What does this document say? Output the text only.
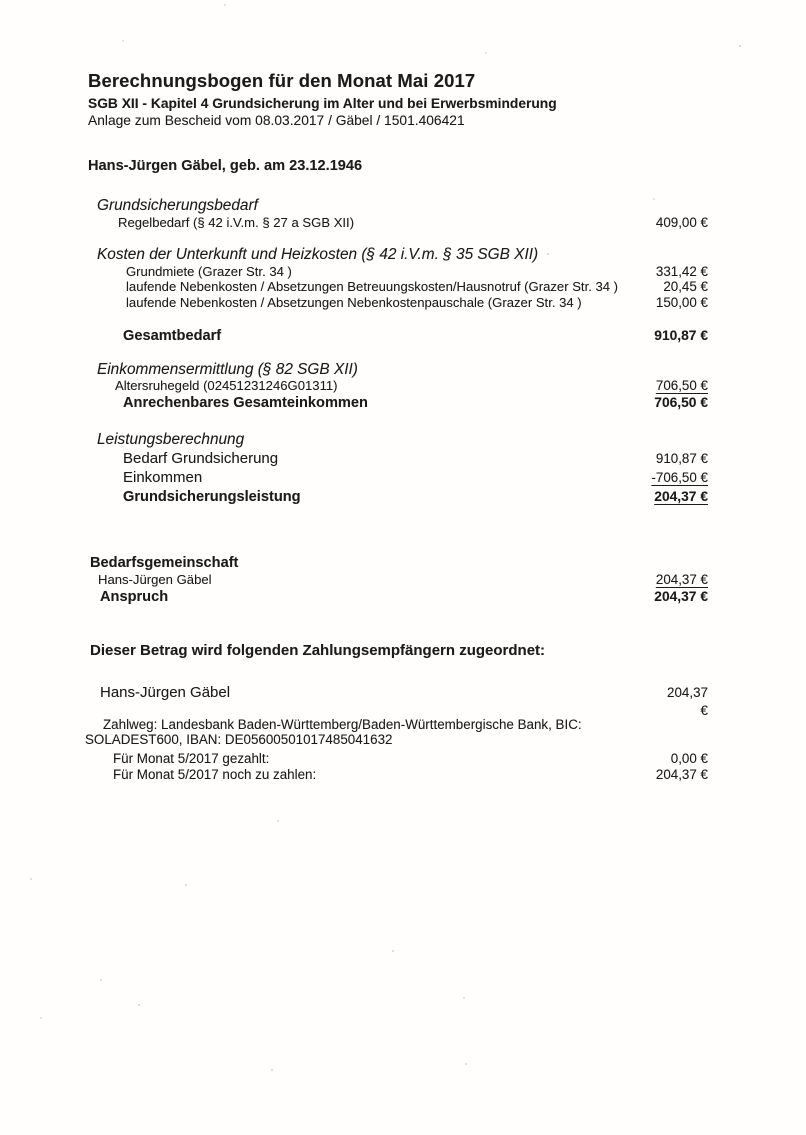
Berechnungsbogen für den Monat Mai 2017
SGB XII - Kapitel 4 Grundsicherung im Alter und bei Erwerbsminderung
Anlage zum Bescheid vom 08.03.2017 / Gäbel / 1501.406421
Hans-Jürgen Gäbel, geb. am 23.12.1946
Grundsicherungsbedarf
Regelbedarf (§ 42 i.V.m. § 27 a SGB XII)	409,00 €
Kosten der Unterkunft und Heizkosten (§ 42 i.V.m. § 35 SGB XII)
Grundmiete (Grazer Str. 34 )	331,42 €
laufende Nebenkosten / Absetzungen Betreuungskosten/Hausnotruf (Grazer Str. 34 )	20,45 €
laufende Nebenkosten / Absetzungen Nebenkostenpauschale (Grazer Str. 34 )	150,00 €
Gesamtbedarf	910,87 €
Einkommensermittlung (§ 82 SGB XII)
Altersruhegeld (02451231246G01311)	706,50 €
Anrechenbares Gesamteinkommen	706,50 €
Leistungsberechnung
Bedarf Grundsicherung	910,87 €
Einkommen	-706,50 €
Grundsicherungsleistung	204,37 €
Bedarfsgemeinschaft
Hans-Jürgen Gäbel	204,37 €
Anspruch	204,37 €
Dieser Betrag wird folgenden Zahlungsempfängern zugeordnet:
Hans-Jürgen Gäbel	204,37 €
Zahlweg: Landesbank Baden-Württemberg/Baden-Württembergische Bank, BIC:
SOLADEST600, IBAN: DE05600501017485041632
Für Monat 5/2017 gezahlt:	0,00 €
Für Monat 5/2017 noch zu zahlen:	204,37 €
